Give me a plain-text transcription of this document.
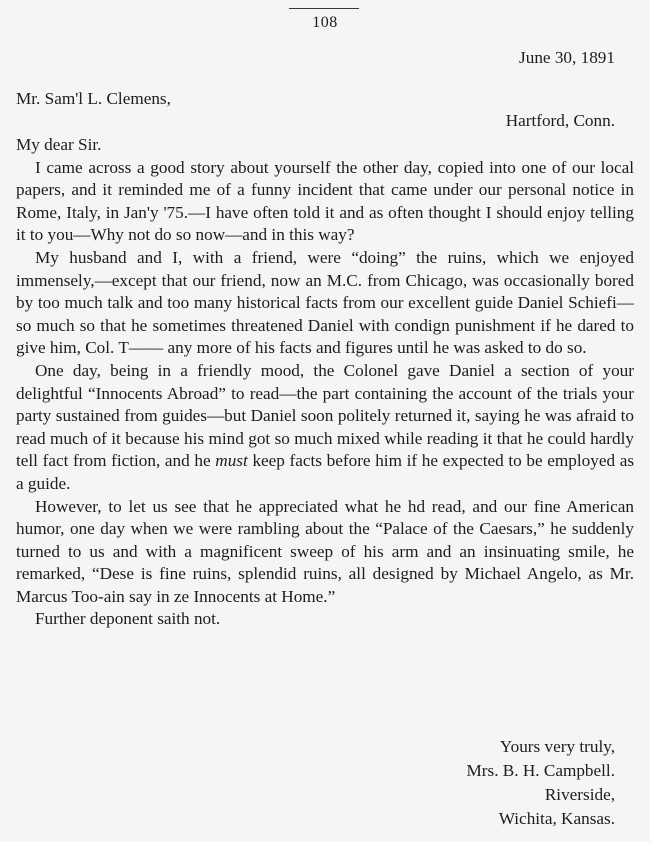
108
June 30, 1891
Mr. Sam'l L. Clemens,
Hartford, Conn.

My dear Sir.

I came across a good story about yourself the other day, copied into one of our local papers, and it reminded me of a funny incident that came under our personal notice in Rome, Italy, in Jan'y '75.—I have often told it and as often thought I should enjoy telling it to you—Why not do so now—and in this way?

My husband and I, with a friend, were “doing” the ruins, which we enjoyed immensely,—except that our friend, now an M.C. from Chicago, was occasionally bored by too much talk and too many historical facts from our excellent guide Daniel Schiefi—so much so that he sometimes threatened Daniel with condign punishment if he dared to give him, Col. T—— any more of his facts and figures until he was asked to do so.

One day, being in a friendly mood, the Colonel gave Daniel a section of your delightful “Innocents Abroad” to read—the part containing the account of the trials your party sustained from guides—but Daniel soon politely returned it, saying he was afraid to read much of it because his mind got so much mixed while reading it that he could hardly tell fact from fiction, and he must keep facts before him if he expected to be employed as a guide.

However, to let us see that he appreciated what he hd read, and our fine American humor, one day when we were rambling about the “Palace of the Caesars,” he suddenly turned to us and with a magnificent sweep of his arm and an insinuating smile, he remarked, “Dese is fine ruins, splendid ruins, all designed by Michael Angelo, as Mr. Marcus Too-ain say in ze Innocents at Home.”

Further deponent saith not.

Yours very truly,
Mrs. B. H. Campbell.
Riverside,
Wichita, Kansas.
